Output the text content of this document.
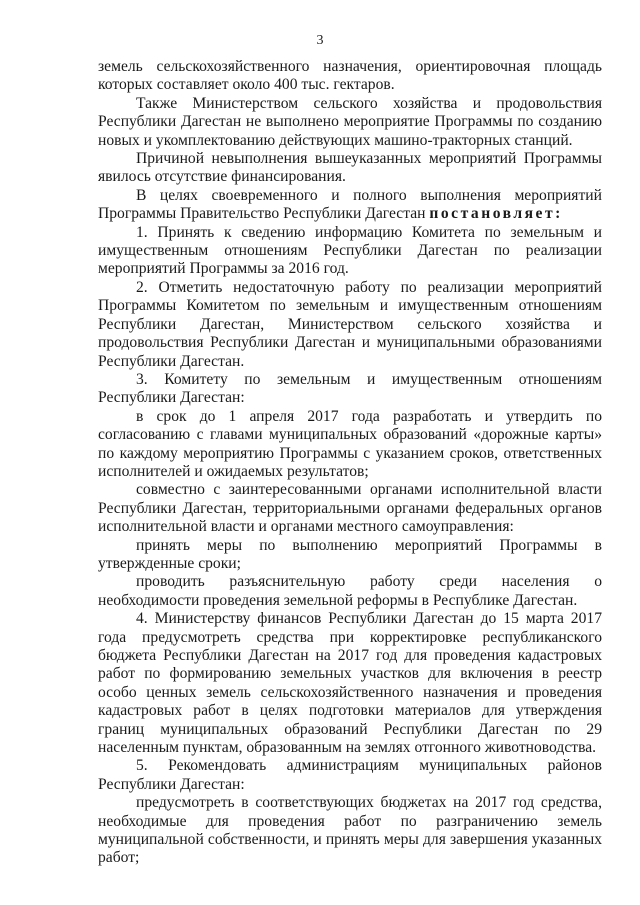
3

земель сельскохозяйственного назначения, ориентировочная площадь которых составляет около 400 тыс. гектаров.

Также Министерством сельского хозяйства и продовольствия Республики Дагестан не выполнено мероприятие Программы по созданию новых и укомплектованию действующих машино-тракторных станций.

Причиной невыполнения вышеуказанных мероприятий Программы явилось отсутствие финансирования.

В целях своевременного и полного выполнения мероприятий Программы Правительство Республики Дагестан постановляет:

1. Принять к сведению информацию Комитета по земельным и имущественным отношениям Республики Дагестан по реализации мероприятий Программы за 2016 год.

2. Отметить недостаточную работу по реализации мероприятий Программы Комитетом по земельным и имущественным отношениям Республики Дагестан, Министерством сельского хозяйства и продовольствия Республики Дагестан и муниципальными образованиями Республики Дагестан.

3. Комитету по земельным и имущественным отношениям Республики Дагестан:

в срок до 1 апреля 2017 года разработать и утвердить по согласованию с главами муниципальных образований «дорожные карты» по каждому мероприятию Программы с указанием сроков, ответственных исполнителей и ожидаемых результатов;

совместно с заинтересованными органами исполнительной власти Республики Дагестан, территориальными органами федеральных органов исполнительной власти и органами местного самоуправления:

принять меры по выполнению мероприятий Программы в утвержденные сроки;

проводить разъяснительную работу среди населения о необходимости проведения земельной реформы в Республике Дагестан.

4. Министерству финансов Республики Дагестан до 15 марта 2017 года предусмотреть средства при корректировке республиканского бюджета Республики Дагестан на 2017 год для проведения кадастровых работ по формированию земельных участков для включения в реестр особо ценных земель сельскохозяйственного назначения и проведения кадастровых работ в целях подготовки материалов для утверждения границ муниципальных образований Республики Дагестан по 29 населенным пунктам, образованным на землях отгонного животноводства.

5. Рекомендовать администрациям муниципальных районов Республики Дагестан:

предусмотреть в соответствующих бюджетах на 2017 год средства, необходимые для проведения работ по разграничению земель муниципальной собственности, и принять меры для завершения указанных работ;
